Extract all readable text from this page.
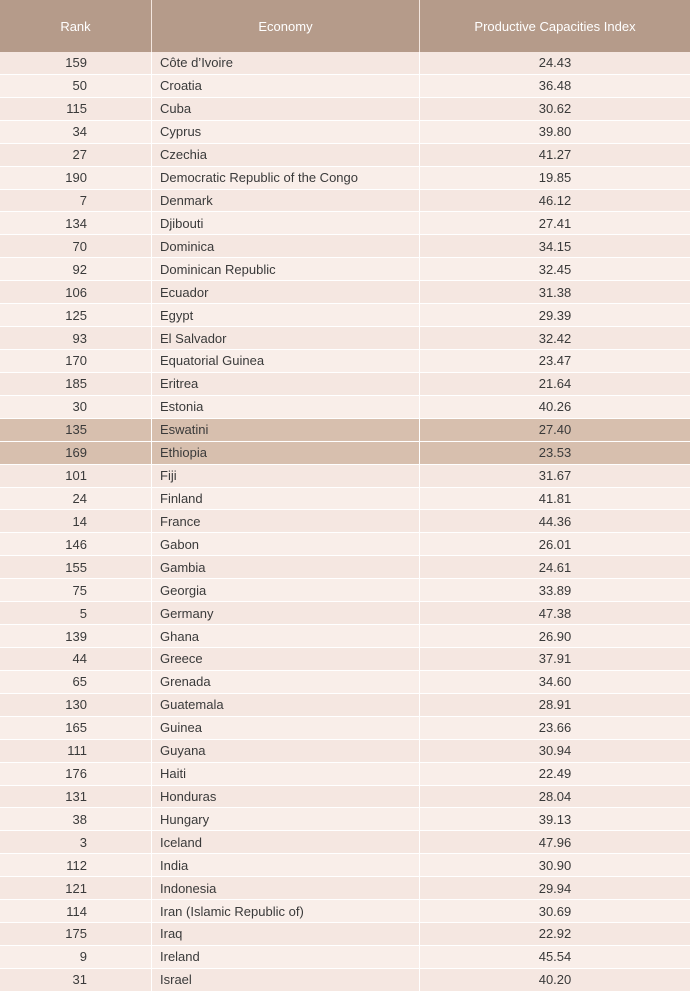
Rank	Economy	Productive Capacities Index
159	Côte d’Ivoire	24.43
50	Croatia	36.48
115	Cuba	30.62
34	Cyprus	39.80
27	Czechia	41.27
190	Democratic Republic of the Congo	19.85
7	Denmark	46.12
134	Djibouti	27.41
70	Dominica	34.15
92	Dominican Republic	32.45
106	Ecuador	31.38
125	Egypt	29.39
93	El Salvador	32.42
170	Equatorial Guinea	23.47
185	Eritrea	21.64
30	Estonia	40.26
135	Eswatini	27.40
169	Ethiopia	23.53
101	Fiji	31.67
24	Finland	41.81
14	France	44.36
146	Gabon	26.01
155	Gambia	24.61
75	Georgia	33.89
5	Germany	47.38
139	Ghana	26.90
44	Greece	37.91
65	Grenada	34.60
130	Guatemala	28.91
165	Guinea	23.66
111	Guyana	30.94
176	Haiti	22.49
131	Honduras	28.04
38	Hungary	39.13
3	Iceland	47.96
112	India	30.90
121	Indonesia	29.94
114	Iran (Islamic Republic of)	30.69
175	Iraq	22.92
9	Ireland	45.54
31	Israel	40.20
